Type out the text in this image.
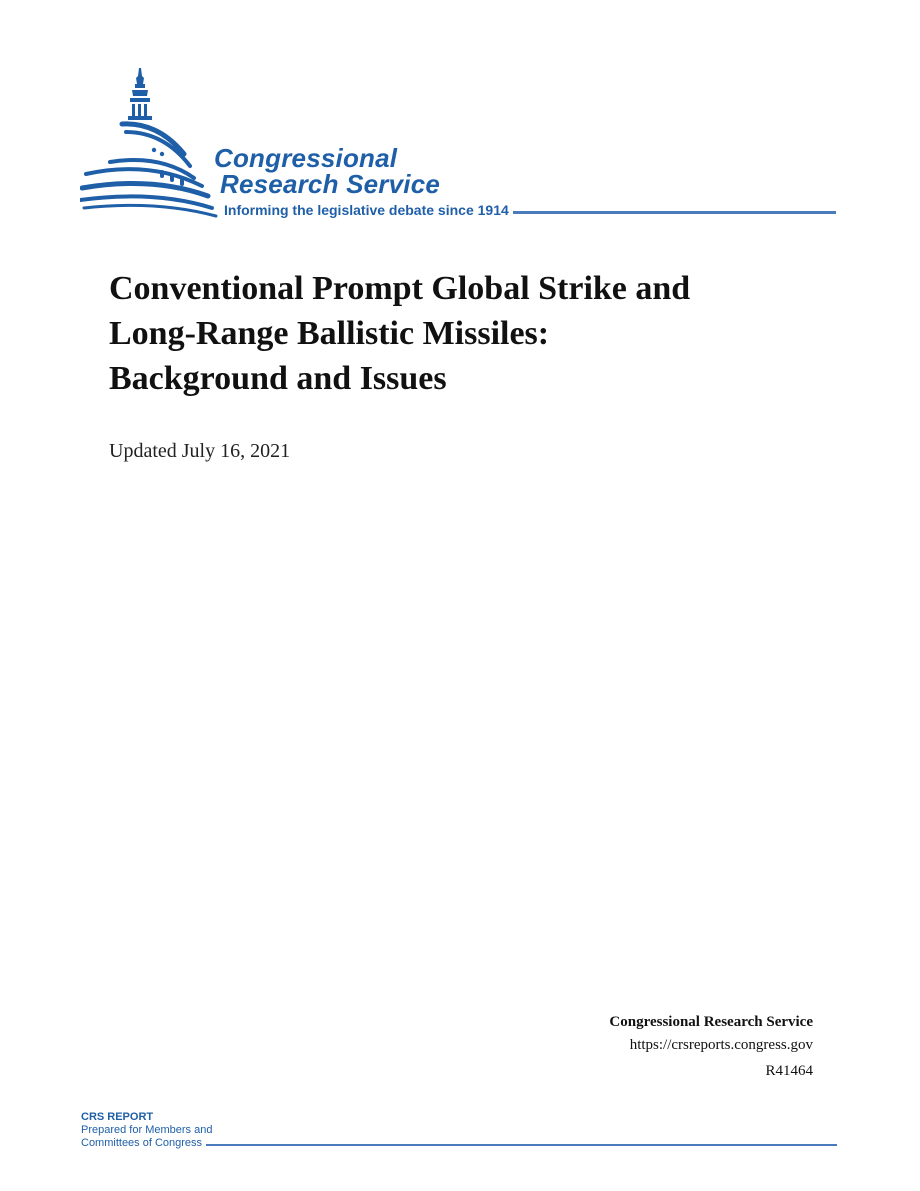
Congressional
Research Service
Informing the legislative debate since 1914
Conventional Prompt Global Strike and
Long-Range Ballistic Missiles:
Background and Issues
Updated July 16, 2021
Congressional Research Service
https://crsreports.congress.gov
R41464
CRS REPORT
Prepared for Members and
Committees of Congress
